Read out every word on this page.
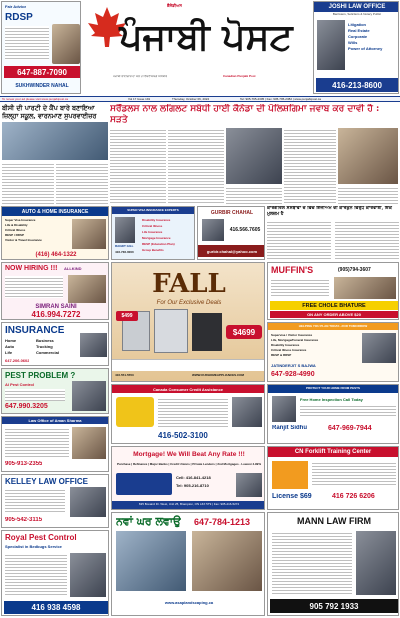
Fair Advice
RDSP
647-887-7090
SUKHWINDER NAHAL
ਕੈਨੇਡੀਅਨ
ਪੰਜਾਬੀ ਪੋਸਟ
ਪੰਜਾਬੀ ਭਾਈਚਾਰੇ ਦਾ ਸਭ ਤੋਂ ਵਿਸ਼ਵਾਸਯੋਗ ਅਖਬਾਰ	Canadian Punjabi Post
JOSHI LAW OFFICE
Barristers, Solicitors & Notary Public
Litigation
Real Estate
Corporate
Wills
Power of Attorney
416-213-8600
To renew your ad please visit www.punjabipost.ca	Vol 17 Issue 191	Thursday, October 06, 2022	Tel: 905-795-2305 | Fax: 905-795-2382 | www.punjabipost.ca
ਬੀਸੀ ਦੀ ਪਾਰਟੀ ਦੇ ਕੈਂਪ ਬਾਰੇ ਬਣਾਇਆ ਜ਼ਿਲ੍ਹਾ ਸਕੂਲ, ਵਾਰਨਮਾਣ ਸੁਪਰਵਾਈਜ਼ਰ
ਸਰੈਂਡਲਸ ਨਾਲ ਲਗਿਲਟ ਸਬੰਧੀ ਹਾਈ ਕੈਨੇਡਾ ਦੀ ਪੋਲਿਸ਼ਗਿਮਾ ਜਵਾਬ ਕਰ ਦਾਵੀ ਹੈ : ਸੜਤੇ
AUTO & HOME INSURANCE
Super Visa Insurance
Life & Disability
Critical Illness
RESP / RRSP
Visitor & Travel Insurance
(416) 464-1322
SUPER VISA INSURANCE EXPERTS
RANJIT GILL
416-736-0000
Disability Insurance
Critical Illness
Life Insurance
Mortgage Insurance
RESP (Education Plan)
Group Benefits
GURBIR CHAHAL
416.566.7605
gurbir.chahal@yahoo.com
ਕਾਰਗਰਿਲ ਸੰਸਥਾਵਾਂ ਦੇ ਵਿੱਚ ਇੰਜੀਅਮ ਦੀ ਕਾਰਕੁਨ ਵਿਰੁੱਧ ਕਾਰਵਾਈ, ਇੱਕ ਮੁਲਜ਼ਮ ਹੈ
NOW HIRING !!! ALLKIND
SIMRAN SAINI
416.994.7272
FALL
For Our Exclusive Deals
$499
$4699
416-551-5553	WWW.OURHOMEAPPLIANCES.COM
MUFFIN'S	(905)794-3607
FREE CHOLE BHATURE
ON ANY ORDER ABOVE $20
INSURANCE
Home
Auto
Life
Business
Trucking
Commercial
647.206.0602
PEST PROBLEM ?
Al Pest Control
647.990.3205
HELPING YOU PLAN TODAY...FOR TOMORROW
Supervisa / Visitor Insurance
Life, Mortgage/Funeral Insurance
Disability Insurance
Critical Illness Insurance
RESP & RRSP
JATINDERJIT S BAJWA
647-928-4990
Law Office of Aman Sharma
905-913-2355
Canada Consumer Credit Assistance
416-502-3100
PROTECT YOUR HOME FROM PESTS
Free Home Inspection Call Today
Ranjit Sidhu	647-969-7944
KELLEY LAW OFFICE
905-542-3115
Mortgage! We Will Beat Any Rate !!!
Purchase | Refinance | Major Banks | Credit Unions | Private Lenders | 2nd Mortgages - Lowest 4.99%
Cell: 416-841-4218
Tel: 905-216-8710
635 Bovaird Dr. West, Unit 25, Brampton, ON L6X 5T9 | Fax: 905-216-5272
CN Forklift Training Center
License $69	416 726 6206
Royal Pest Control
Specialist in Bedbugs Service
416 938 4598
ਨਵਾਂ ਘਰ ਲਵਾਉ 647-784-1213
www.asaplandscaping.ca
MANN LAW FIRM
905 792 1933
